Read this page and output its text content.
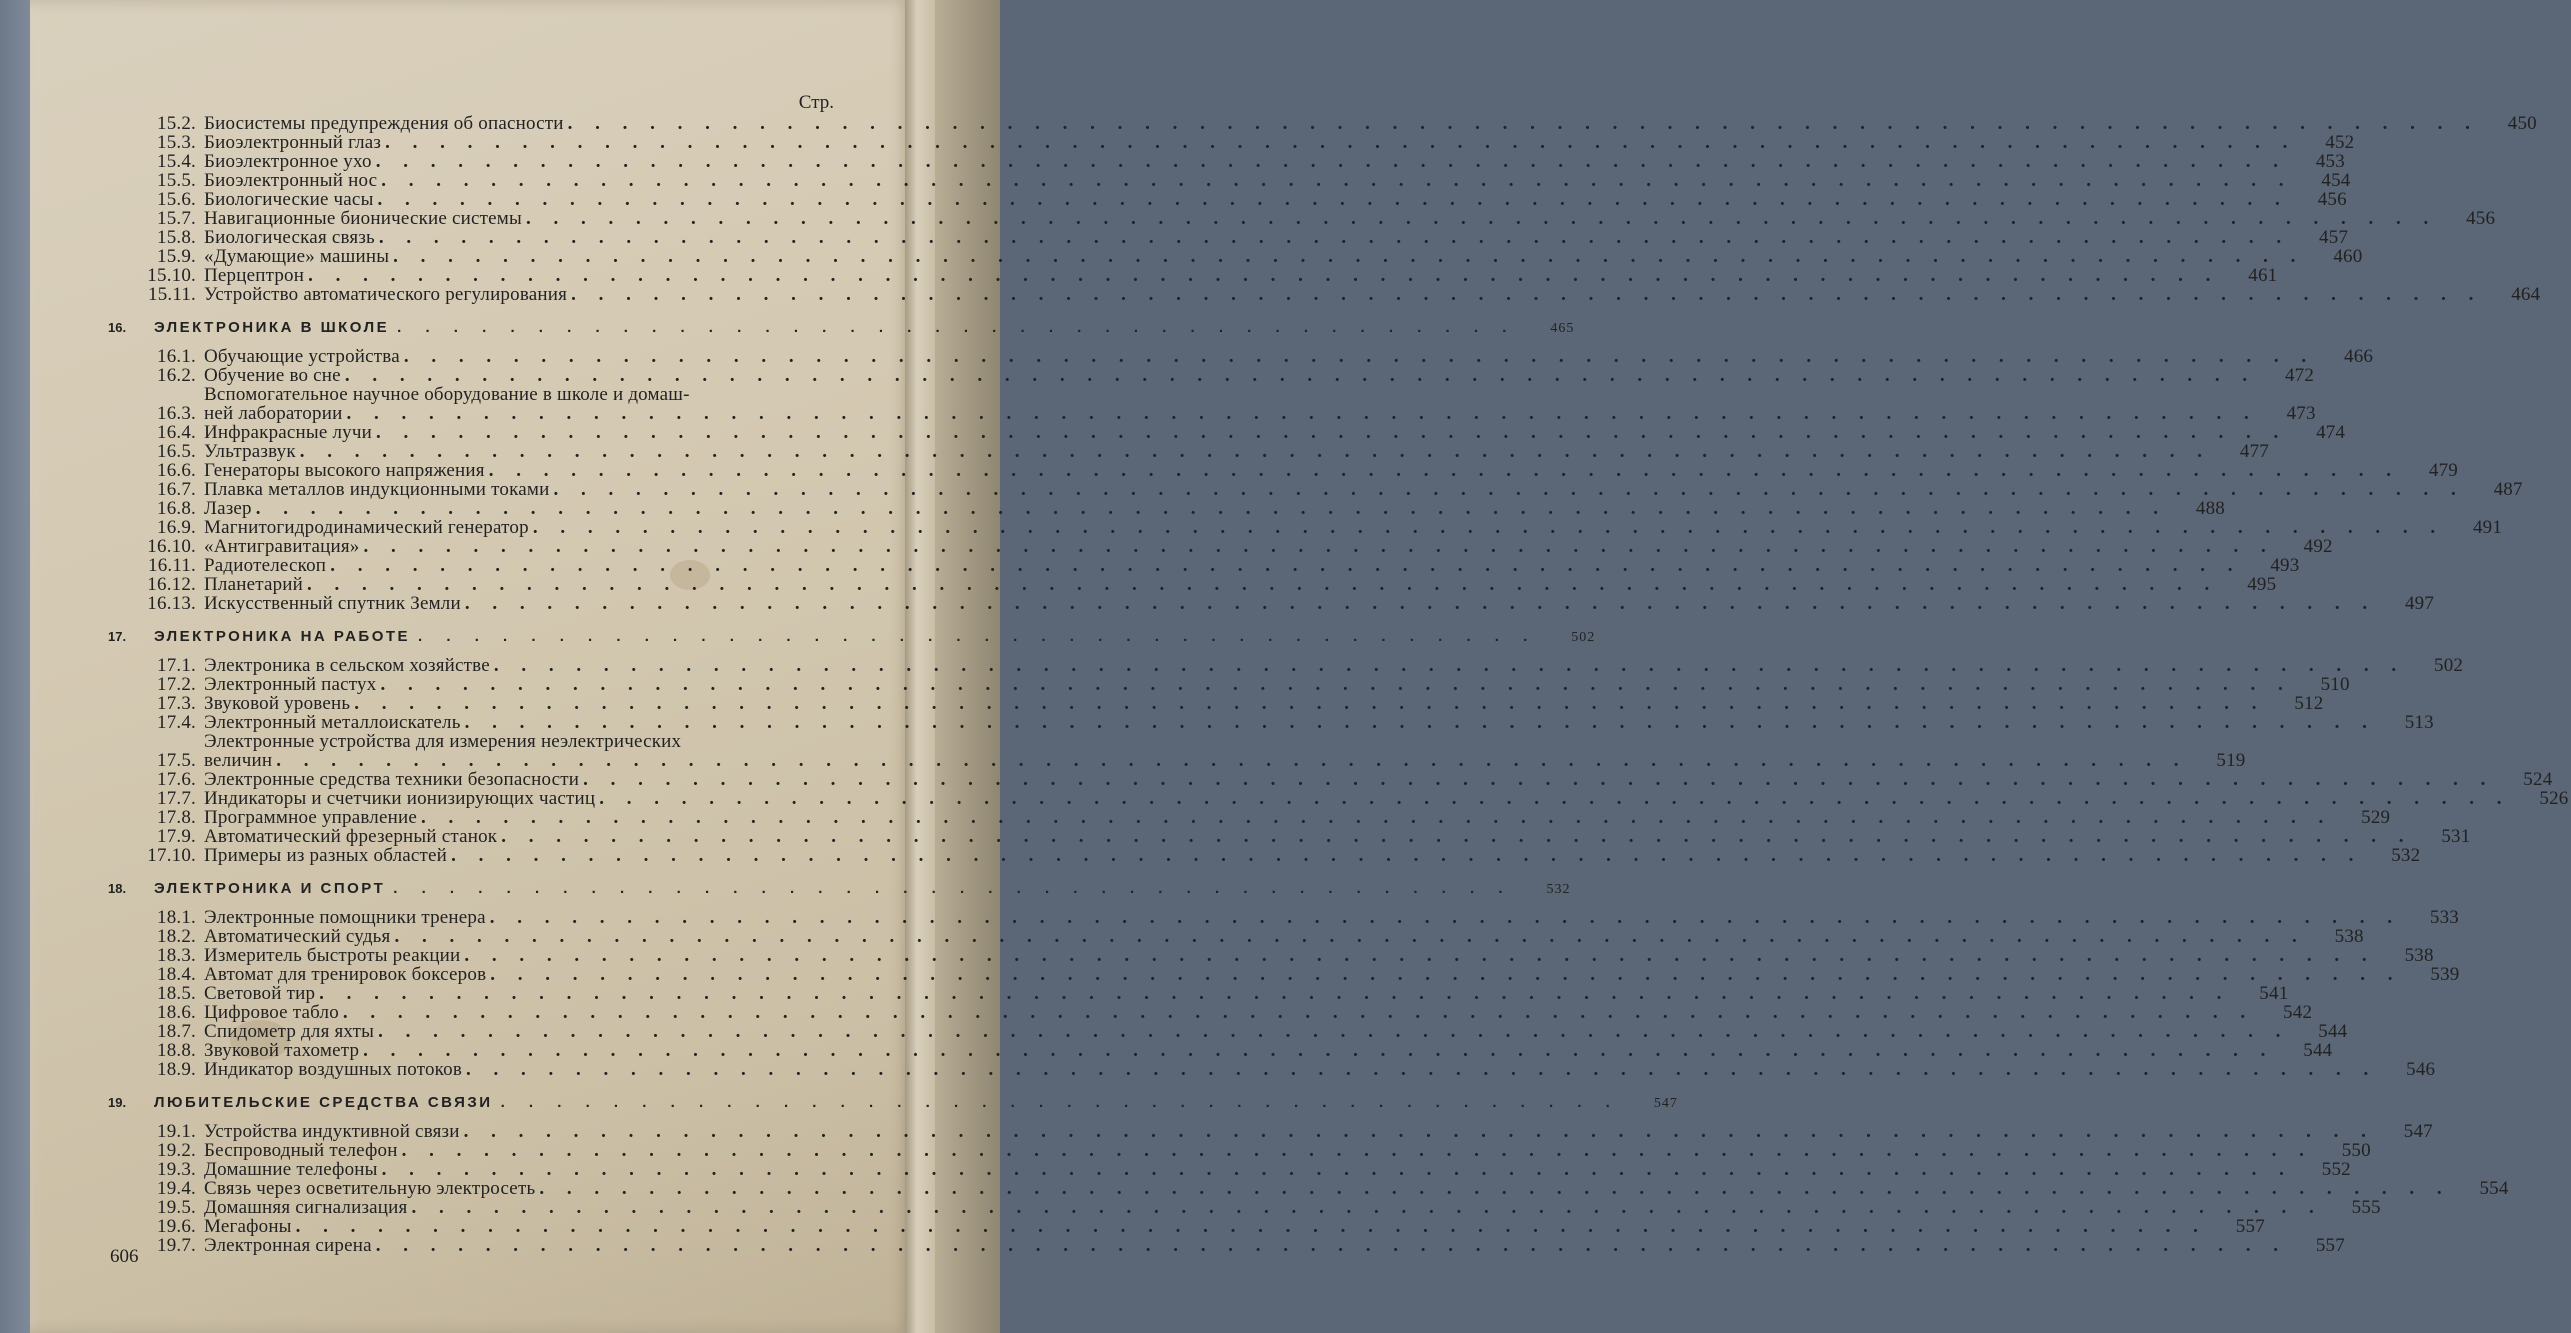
Стр.
15.2. Биосистемы предупреждения об опасности . . .	450
15.3. Биоэлектронный глаз . . .	452
15.4. Биоэлектронное ухо . . .	453
15.5. Биоэлектронный нос . . .	454
15.6. Биологические часы . . .	456
15.7. Навигационные бионические системы . . .	456
15.8. Биологическая связь . . .	457
15.9. «Думающие» машины . . .	460
15.10. Перцептрон . . .	461
15.11. Устройство автоматического регулирования . . .	464
16.	ЭЛЕКТРОНИКА В ШКОЛЕ . . .	465
16.1. Обучающие устройства . . .	466
16.2. Обучение во сне . . .	472
16.3.
Вспомогательное научное оборудование в школе и домаш-
ней лаборатории . . .	473
16.4. Инфракрасные лучи . . .	474
16.5. Ультразвук . . .	477
16.6. Генераторы высокого напряжения . . .	479
16.7. Плавка металлов индукционными токами . . .	487
16.8. Лазер . . .	488
16.9. Магнитогидродинамический генератор . . .	491
16.10. «Антигравитация» . . .	492
16.11. Радиотелескоп . . .	493
16.12. Планетарий . . .	495
16.13. Искусственный спутник Земли . . .	497
17.	ЭЛЕКТРОНИКА НА РАБОТЕ . . .	502
17.1. Электроника в сельском хозяйстве . . .	502
17.2. Электронный пастух . . .	510
17.3. Звуковой уровень . . .	512
17.4. Электронный металлоискатель . . .	513
17.5.
Электронные устройства для измерения неэлектрических
величин . . .	519
17.6. Электронные средства техники безопасности . . .	524
17.7. Индикаторы и счетчики ионизирующих частиц . . .	526
17.8. Программное управление . . .	529
17.9. Автоматический фрезерный станок . . .	531
17.10. Примеры из разных областей . . .	532
18.	ЭЛЕКТРОНИКА И СПОРТ . . .	532
18.1. Электронные помощники тренера . . .	533
18.2. Автоматический судья . . .	538
18.3. Измеритель быстроты реакции . . .	538
18.4. Автомат для тренировок боксеров . . .	539
18.5. Световой тир . . .	541
18.6. Цифровое табло . . .	542
18.7. Спидометр для яхты . . .	544
18.8. Звуковой тахометр . . .	544
18.9. Индикатор воздушных потоков . . .	546
19.	ЛЮБИТЕЛЬСКИЕ СРЕДСТВА СВЯЗИ . . .	547
19.1. Устройства индуктивной связи . . .	547
19.2. Беспроводный телефон . . .	550
19.3. Домашние телефоны . . .	552
19.4. Связь через осветительную электросеть . . .	554
19.5. Домашняя сигнализация . . .	555
19.6. Мегафоны . . .	557
19.7. Электронная сирена . . .	557
606
